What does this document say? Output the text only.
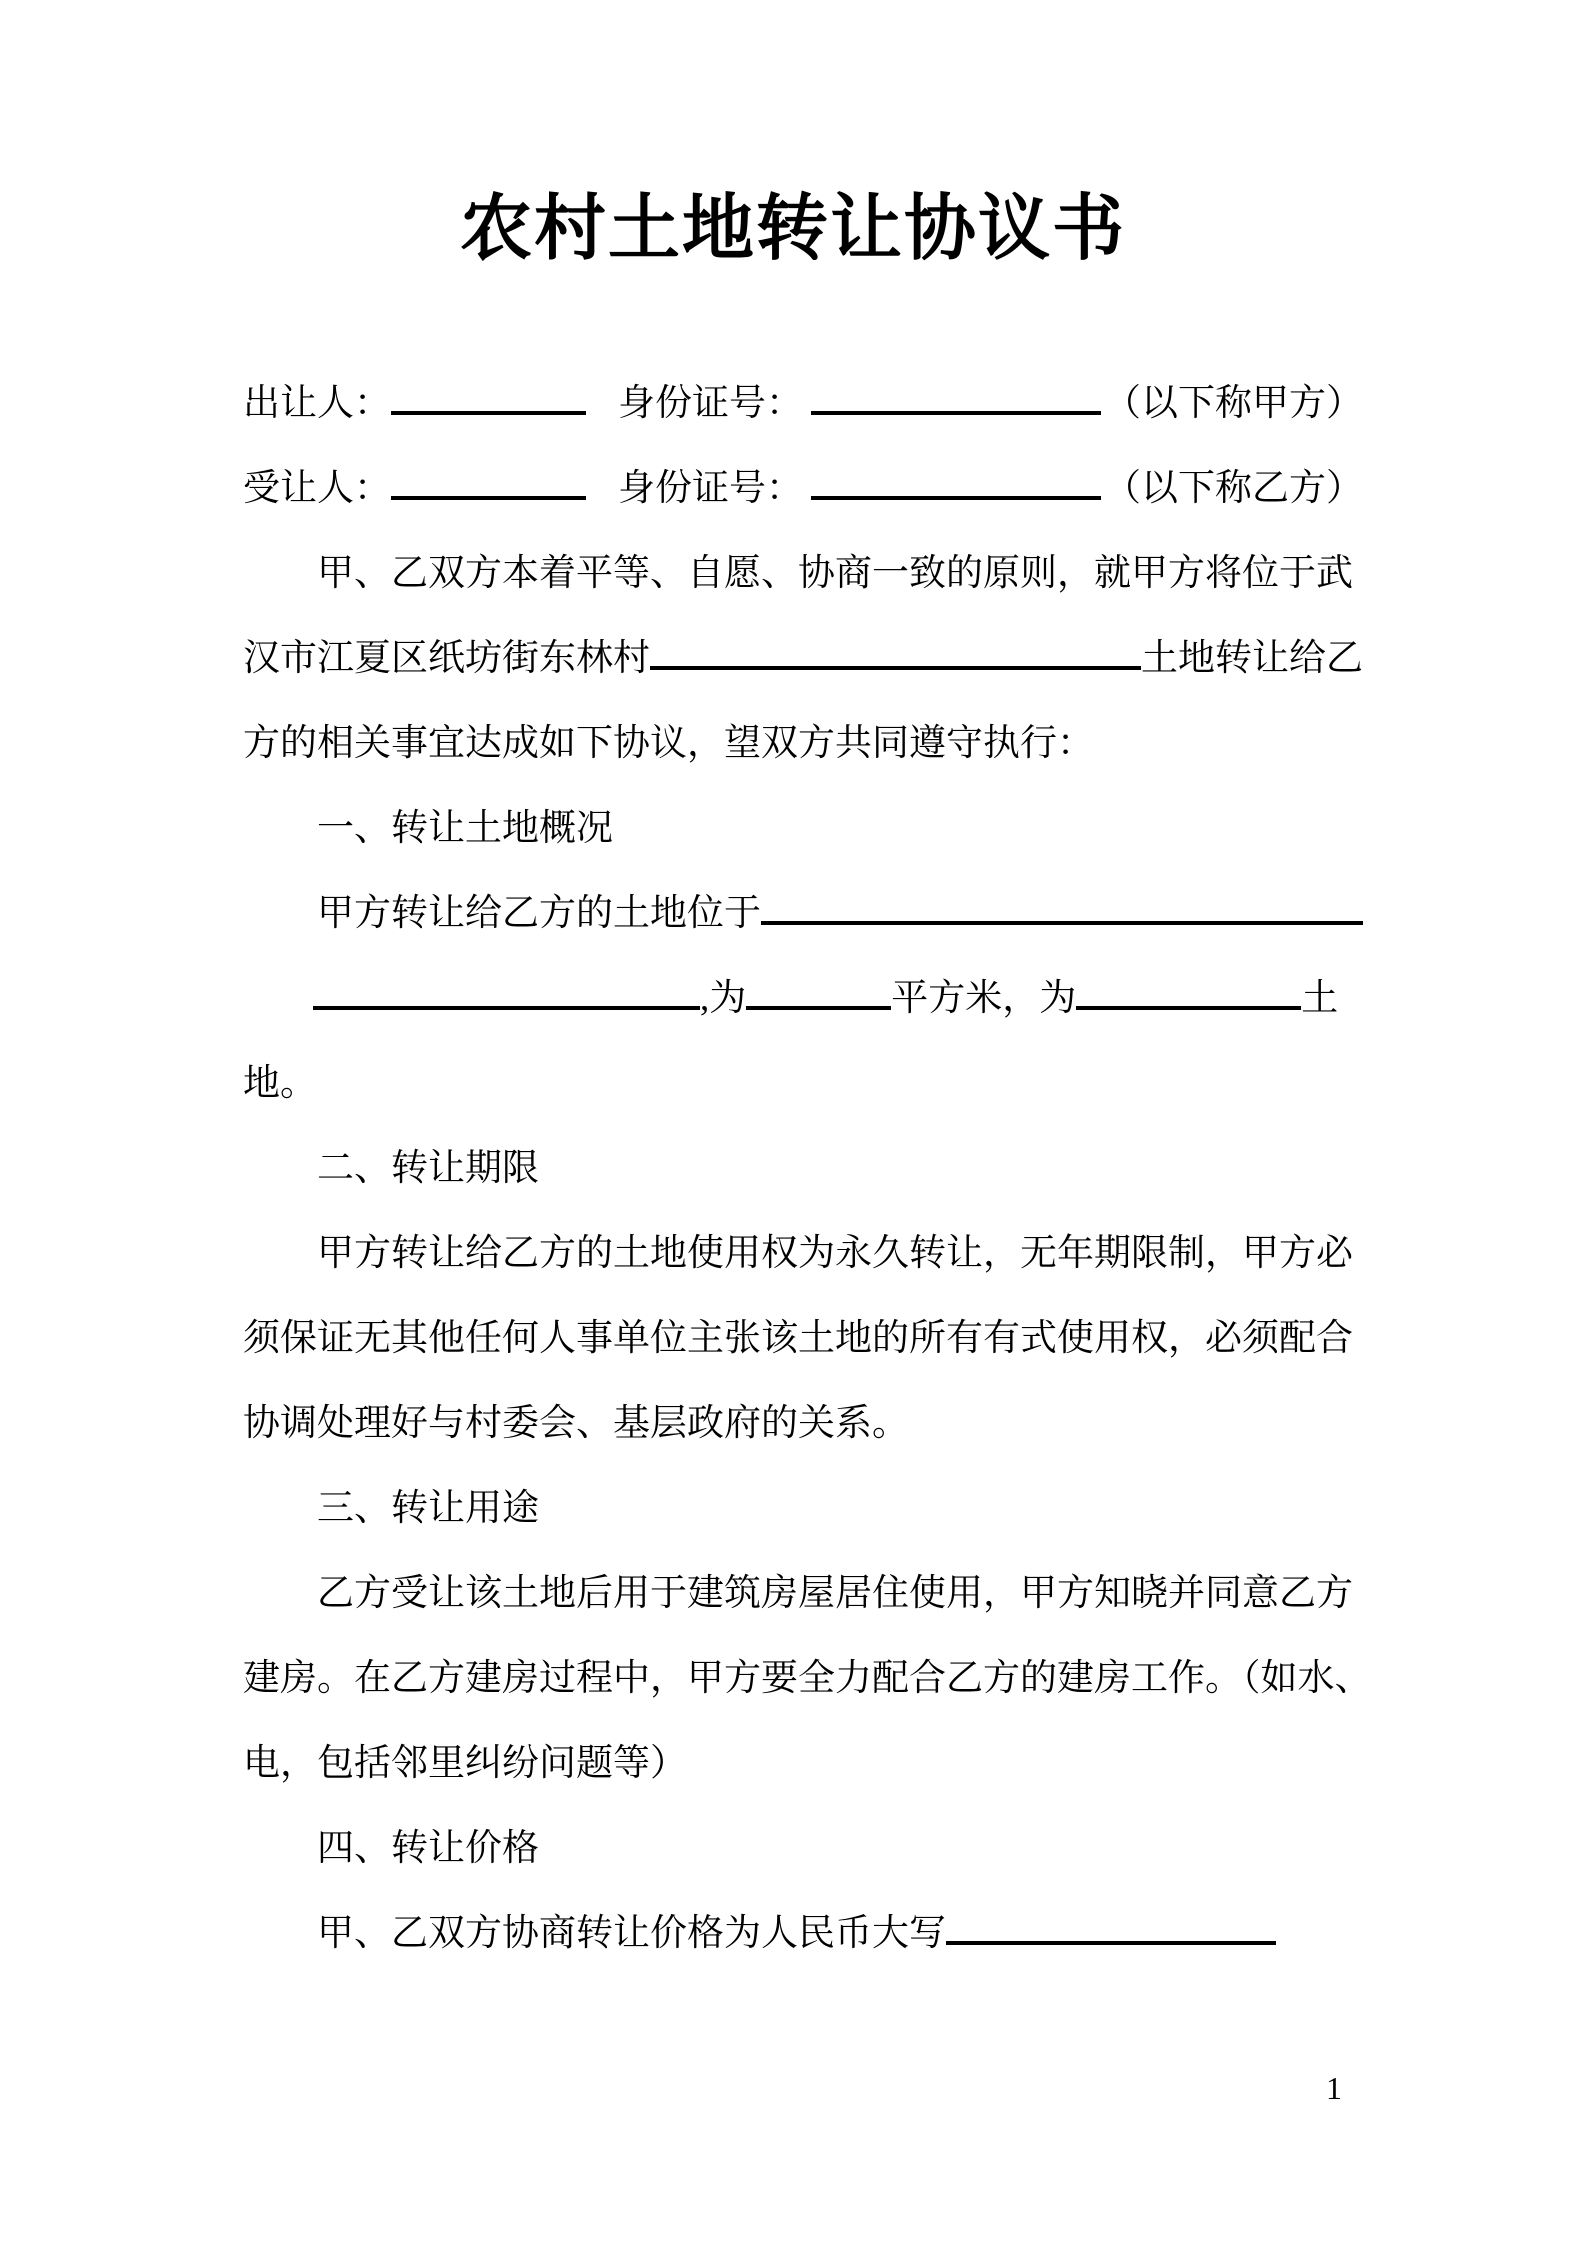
农村土地转让协议书
出让人：	身份证号：	（以下称甲方）
受让人：	身份证号：	（以下称乙方）
甲、乙双方本着平等、自愿、协商一致的原则，就甲方将位于武
汉市江夏区纸坊街东林村	土地转让给乙
方的相关事宜达成如下协议，望双方共同遵守执行：
一、转让土地概况
甲方转让给乙方的土地位于
,为	平方米，为	土
地。
二、转让期限
甲方转让给乙方的土地使用权为永久转让，无年期限制，甲方必
须保证无其他任何人事单位主张该土地的所有有式使用权，必须配合
协调处理好与村委会、基层政府的关系。
三、转让用途
乙方受让该土地后用于建筑房屋居住使用，甲方知晓并同意乙方
建房。在乙方建房过程中，甲方要全力配合乙方的建房工作。（如水、
电，包括邻里纠纷问题等）
四、转让价格
甲、乙双方协商转让价格为人民币大写
1
